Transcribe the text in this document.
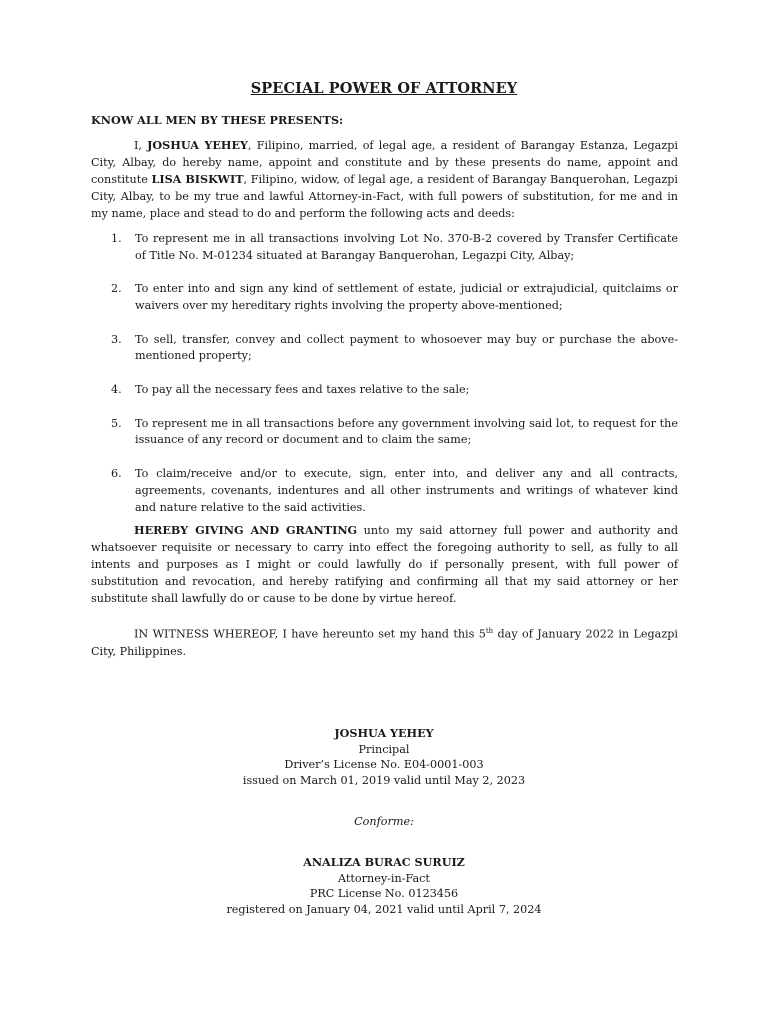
SPECIAL POWER OF ATTORNEY

KNOW ALL MEN BY THESE PRESENTS:

I, JOSHUA YEHEY, Filipino, married, of legal age, a resident of Barangay Estanza, Legazpi City, Albay, do hereby name, appoint and constitute and by these presents do name, appoint and constitute LISA BISKWIT, Filipino, widow, of legal age, a resident of Barangay Banquerohan, Legazpi City, Albay, to be my true and lawful Attorney-in-Fact, with full powers of substitution, for me and in my name, place and stead to do and perform the following acts and deeds:

1. To represent me in all transactions involving Lot No. 370-B-2 covered by Transfer Certificate of Title No. M-01234 situated at Barangay Banquerohan, Legazpi City, Albay;
2. To enter into and sign any kind of settlement of estate, judicial or extrajudicial, quitclaims or waivers over my hereditary rights involving the property above-mentioned;
3. To sell, transfer, convey and collect payment to whosoever may buy or purchase the above-mentioned property;
4. To pay all the necessary fees and taxes relative to the sale;
5. To represent me in all transactions before any government involving said lot, to request for the issuance of any record or document and to claim the same;
6. To claim/receive and/or to execute, sign, enter into, and deliver any and all contracts, agreements, covenants, indentures and all other instruments and writings of whatever kind and nature relative to the said activities.

HEREBY GIVING AND GRANTING unto my said attorney full power and authority and whatsoever requisite or necessary to carry into effect the foregoing authority to sell, as fully to all intents and purposes as I might or could lawfully do if personally present, with full power of substitution and revocation, and hereby ratifying and confirming all that my said attorney or her substitute shall lawfully do or cause to be done by virtue hereof.

IN WITNESS WHEREOF, I have hereunto set my hand this 5th day of January 2022 in Legazpi City, Philippines.

JOSHUA YEHEY
Principal
Driver’s License No. E04-0001-003
issued on March 01, 2019 valid until May 2, 2023
Conforme:
ANALIZA BURAC SURUIZ
Attorney-in-Fact
PRC License No. 0123456
registered on January 04, 2021 valid until April 7, 2024
